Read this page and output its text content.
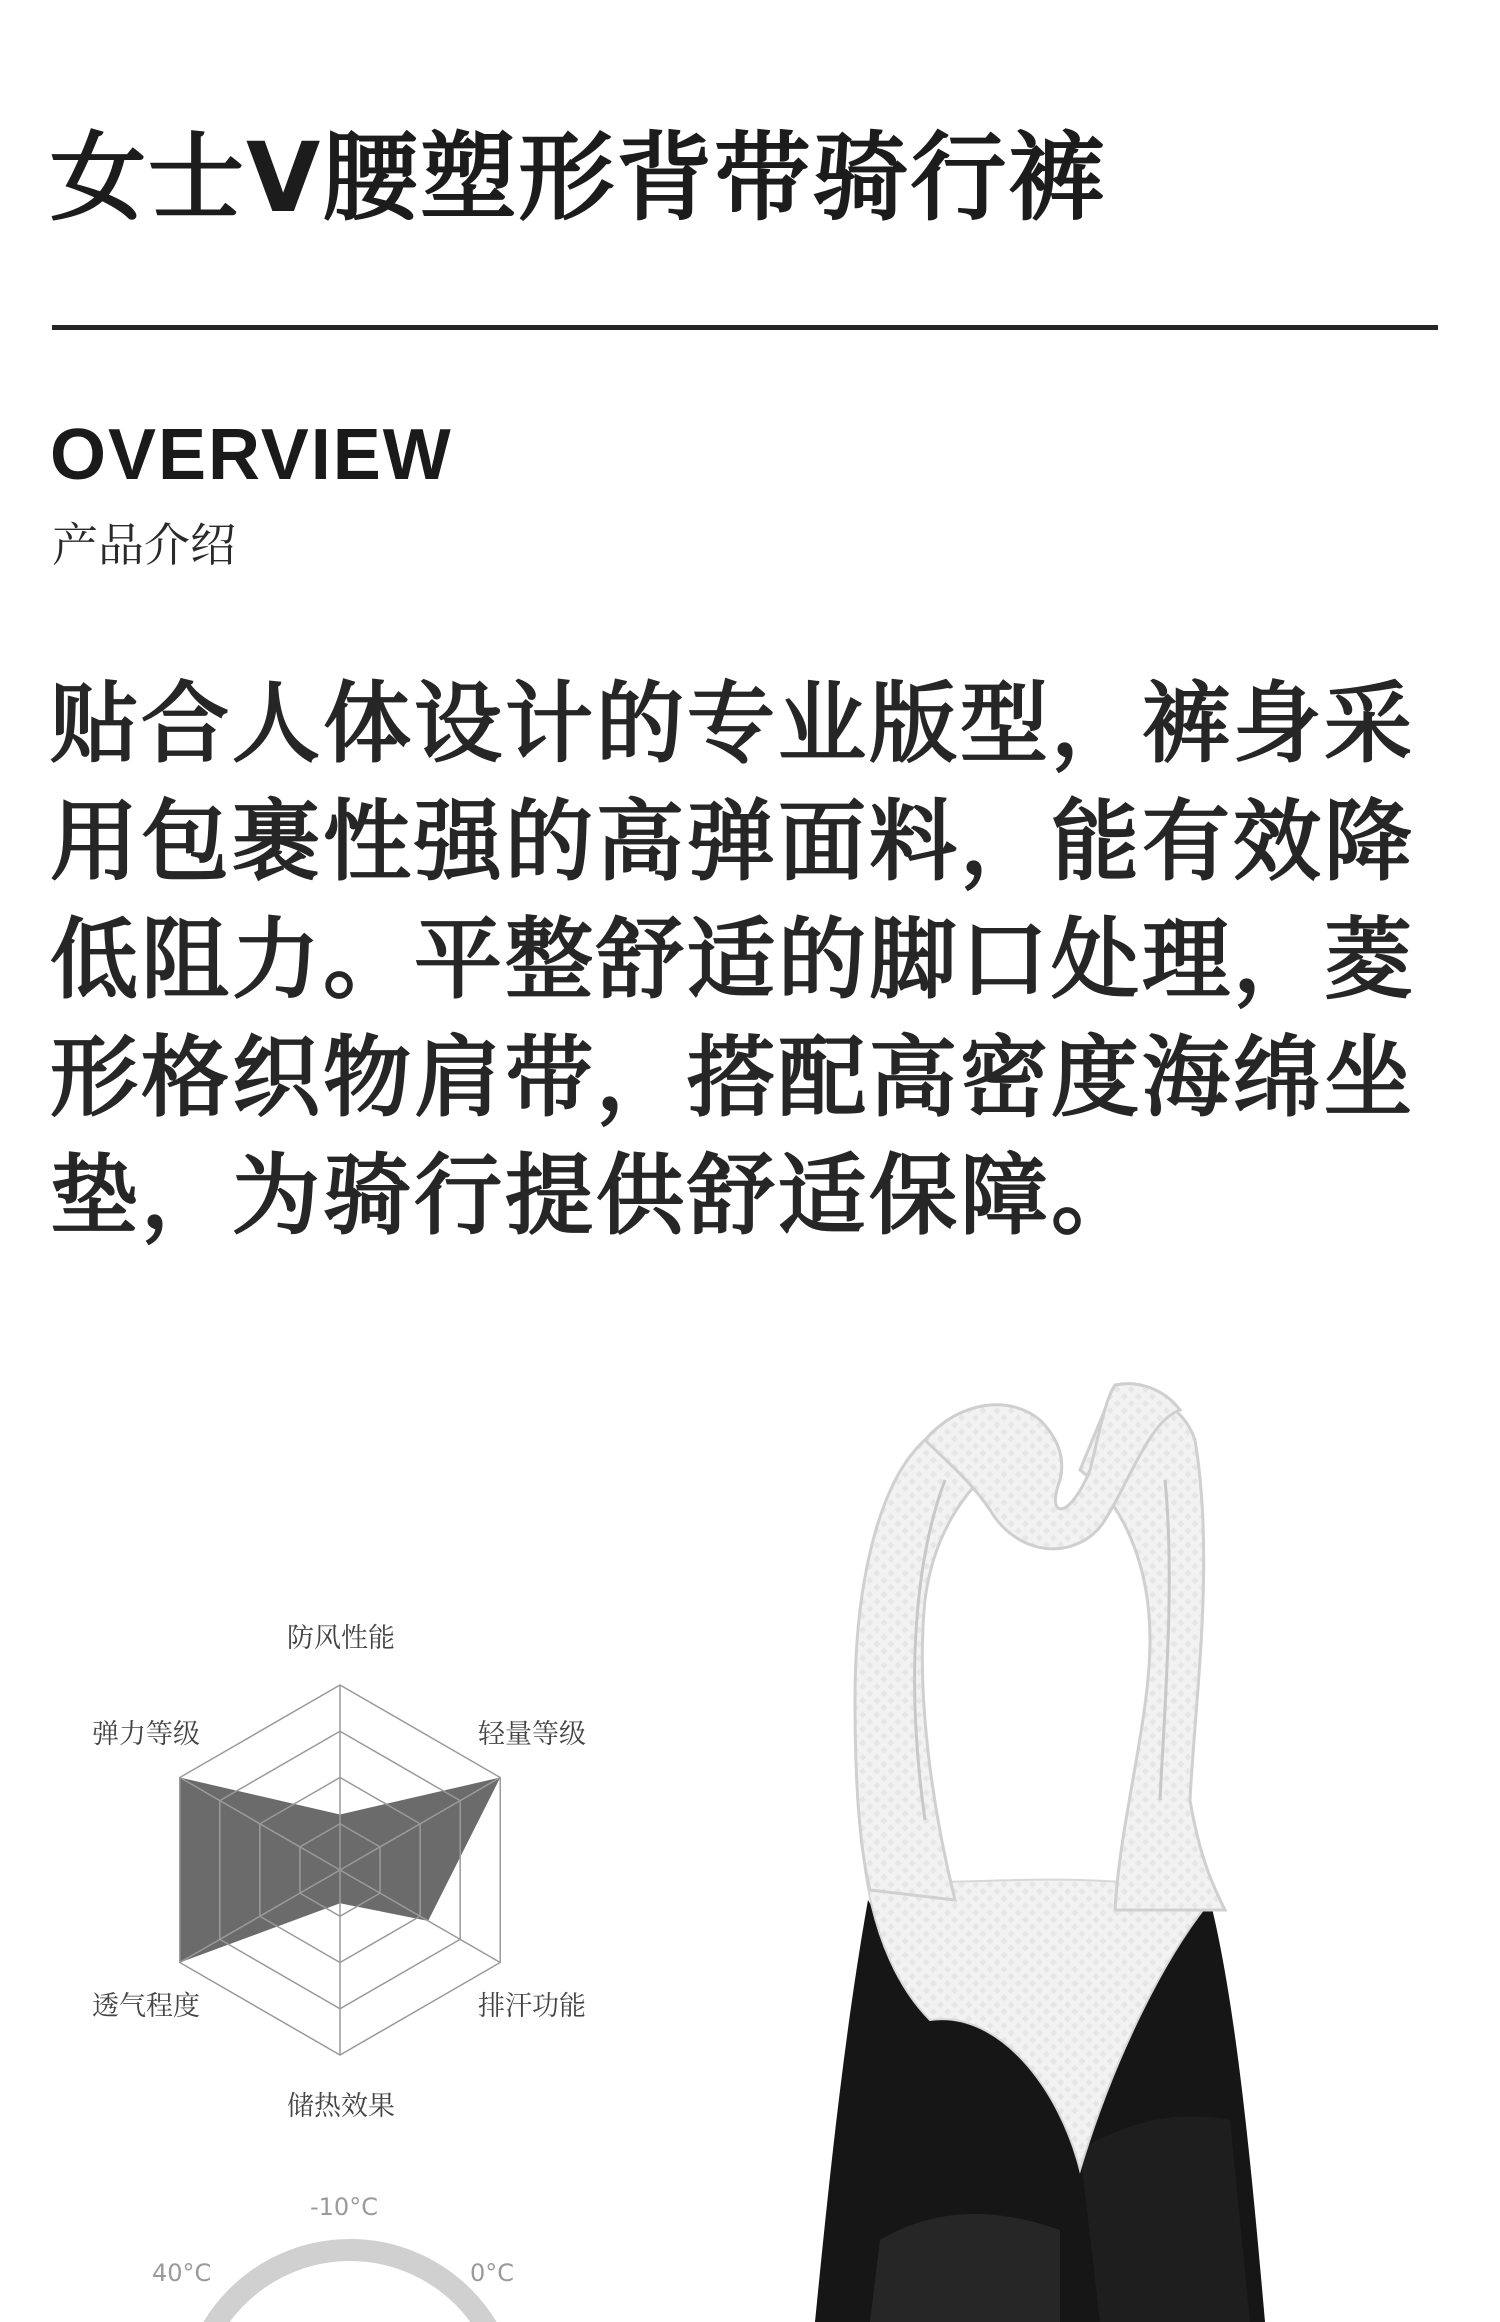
女士V腰塑形背带骑行裤
OVERVIEW
产品介绍
贴合人体设计的专业版型，裤身采
用包裹性强的高弹面料，能有效降
低阻力。平整舒适的脚口处理，菱
形格织物肩带，搭配高密度海绵坐
垫，为骑行提供舒适保障。
防风性能
轻量等级
排汗功能
储热效果
透气程度
弹力等级
-10°C
0°C
40°C
